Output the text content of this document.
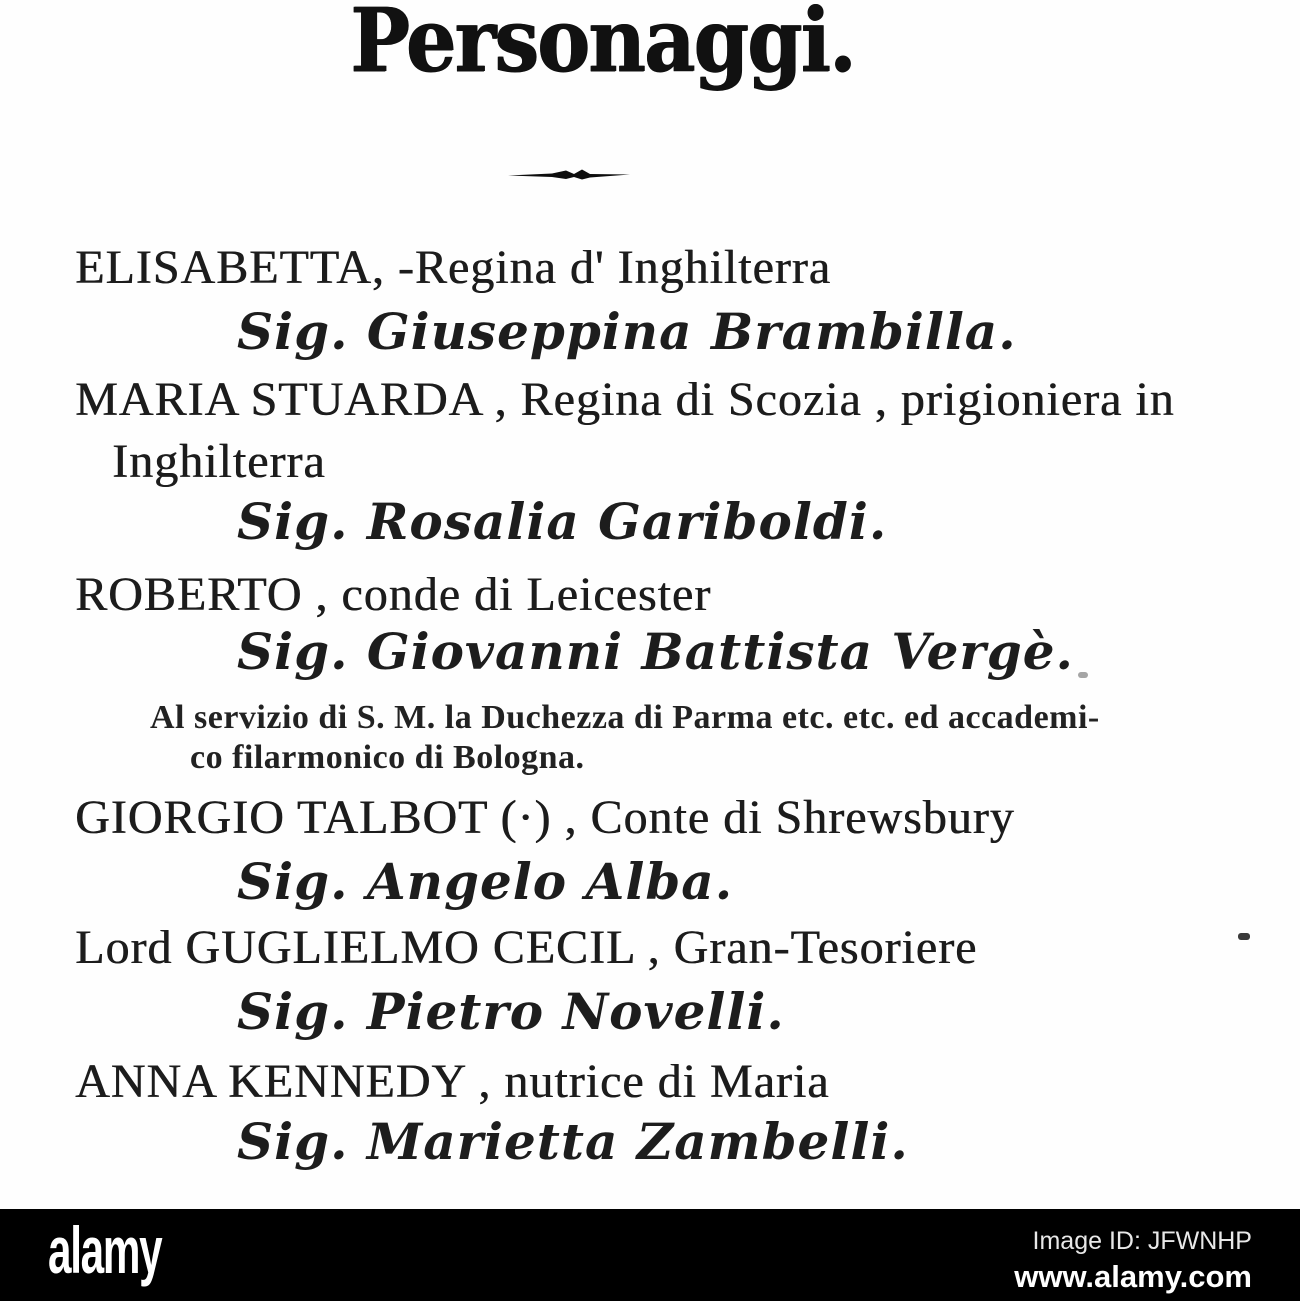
Personaggi.
ELISABETTA, -Regina d' Inghilterra
Sig. Giuseppina Brambilla.
MARIA STUARDA , Regina di Scozia , prigioniera in
Inghilterra
Sig. Rosalia Gariboldi.
ROBERTO , conde di Leicester
Sig. Giovanni Battista Vergè.
Al servizio di S. M. la Duchezza di Parma etc. etc. ed accademi-
co filarmonico di Bologna.
GIORGIO TALBOT (·) , Conte di Shrewsbury
Sig. Angelo Alba.
Lord GUGLIELMO CECIL , Gran-Tesoriere
Sig. Pietro Novelli.
ANNA KENNEDY , nutrice di Maria
Sig. Marietta Zambelli.
alamy	Image ID: JFWNHP
www.alamy.com
